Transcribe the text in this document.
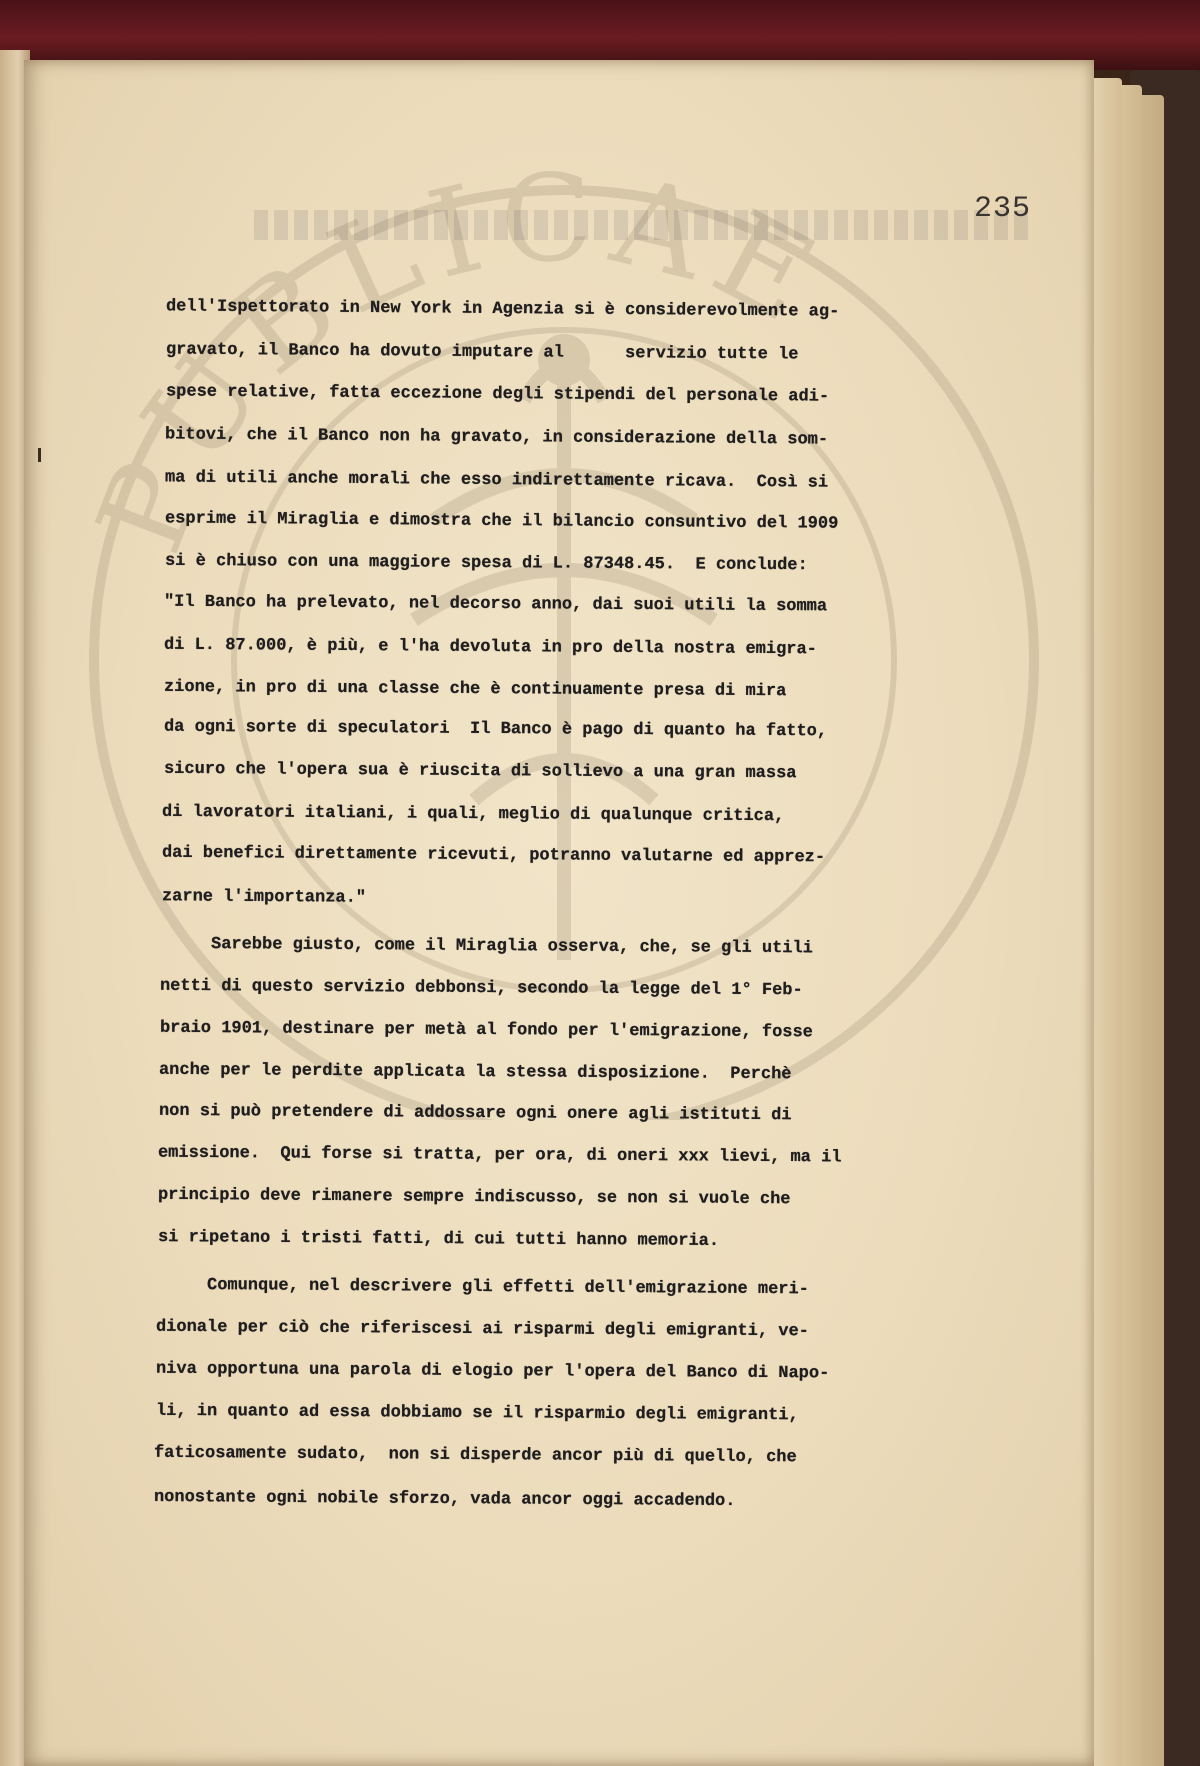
PUBLICAE	235
dell'Ispettorato in New York in Agenzia si è considerevolmente ag-
gravato, il Banco ha dovuto imputare al      servizio tutte le
spese relative, fatta eccezione degli stipendi del personale adi-
bitovi, che il Banco non ha gravato, in considerazione della som-
ma di utili anche morali che esso indirettamente ricava.  Così si
esprime il Miraglia e dimostra che il bilancio consuntivo del 1909
si è chiuso con una maggiore spesa di L. 87348.45.  E conclude:
"Il Banco ha prelevato, nel decorso anno, dai suoi utili la somma
di L. 87.000, è più, e l'ha devoluta in pro della nostra emigra-
zione, in pro di una classe che è continuamente presa di mira
da ogni sorte di speculatori  Il Banco è pago di quanto ha fatto,
sicuro che l'opera sua è riuscita di sollievo a una gran massa
di lavoratori italiani, i quali, meglio di qualunque critica,
dai benefici direttamente ricevuti, potranno valutarne ed apprez-
zarne l'importanza."
Sarebbe giusto, come il Miraglia osserva, che, se gli utili
netti di questo servizio debbonsi, secondo la legge del 1° Feb-
braio 1901, destinare per metà al fondo per l'emigrazione, fosse
anche per le perdite applicata la stessa disposizione.  Perchè
non si può pretendere di addossare ogni onere agli istituti di
emissione.  Qui forse si tratta, per ora, di oneri xxx lievi, ma il
principio deve rimanere sempre indiscusso, se non si vuole che
si ripetano i tristi fatti, di cui tutti hanno memoria.
Comunque, nel descrivere gli effetti dell'emigrazione meri-
dionale per ciò che riferiscesi ai risparmi degli emigranti, ve-
niva opportuna una parola di elogio per l'opera del Banco di Napo-
li, in quanto ad essa dobbiamo se il risparmio degli emigranti,
faticosamente sudato,  non si disperde ancor più di quello, che
nonostante ogni nobile sforzo, vada ancor oggi accadendo.
